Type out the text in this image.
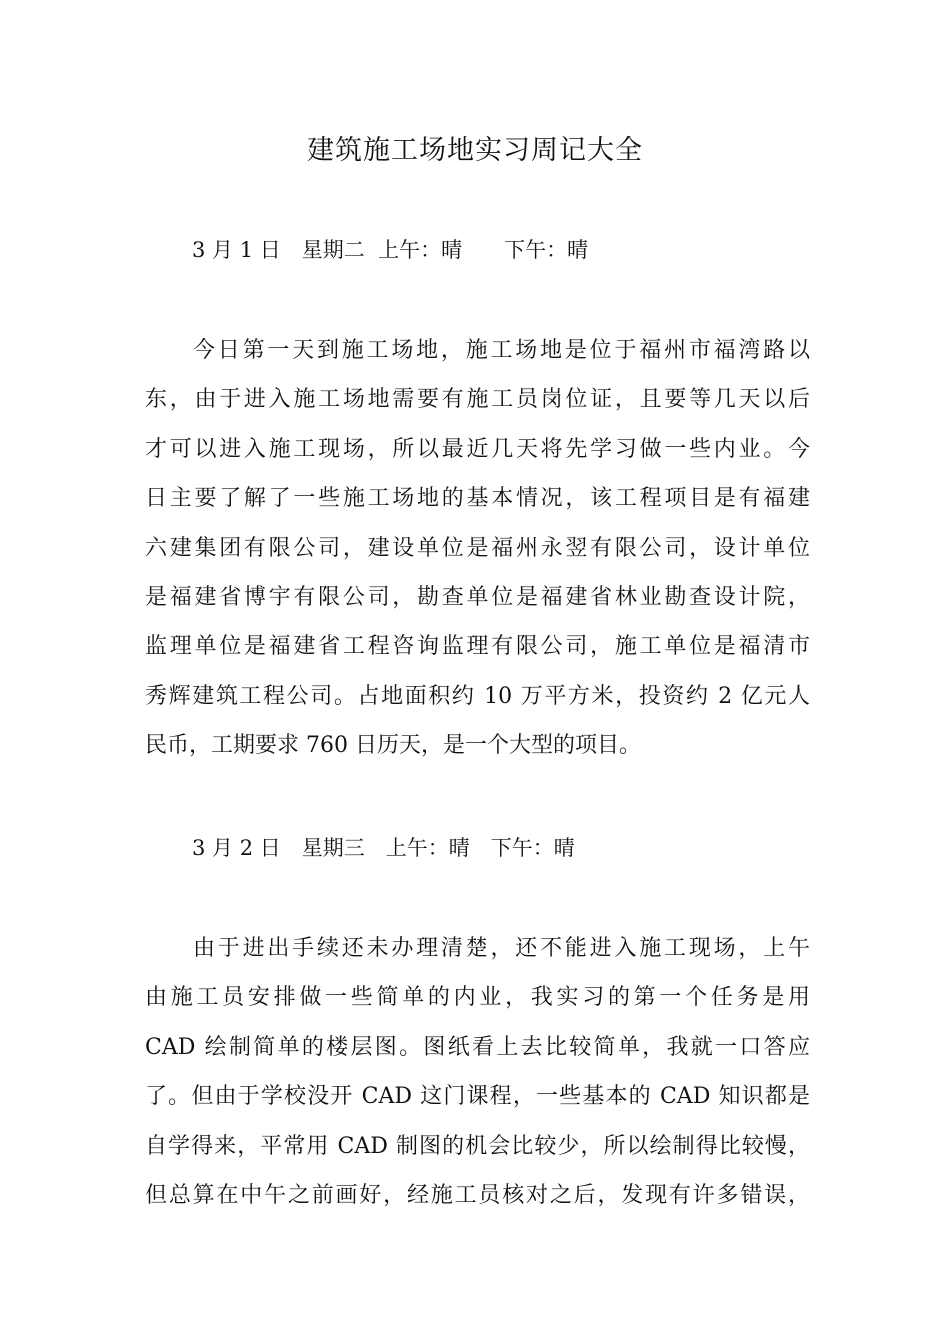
建筑施工场地实习周记大全

3 月 1 日　星期二  上午：晴　　下午：晴

今日第一天到施工场地，施工场地是位于福州市福湾路以
东，由于进入施工场地需要有施工员岗位证，且要等几天以后
才可以进入施工现场，所以最近几天将先学习做一些内业。今
日主要了解了一些施工场地的基本情况，该工程项目是有福建
六建集团有限公司，建设单位是福州永翌有限公司，设计单位
是福建省博宇有限公司，勘查单位是福建省林业勘查设计院，
监理单位是福建省工程咨询监理有限公司，施工单位是福清市
秀辉建筑工程公司。占地面积约 10 万平方米，投资约 2 亿元人
民币，工期要求 760 日历天，是一个大型的项目。

3 月 2 日　星期三　上午：晴　下午：晴

由于进出手续还未办理清楚，还不能进入施工现场，上午
由施工员安排做一些简单的内业，我实习的第一个任务是用
CAD 绘制简单的楼层图。图纸看上去比较简单，我就一口答应
了。但由于学校没开 CAD 这门课程，一些基本的 CAD 知识都是
自学得来，平常用 CAD 制图的机会比较少，所以绘制得比较慢，
但总算在中午之前画好，经施工员核对之后，发现有许多错误，
